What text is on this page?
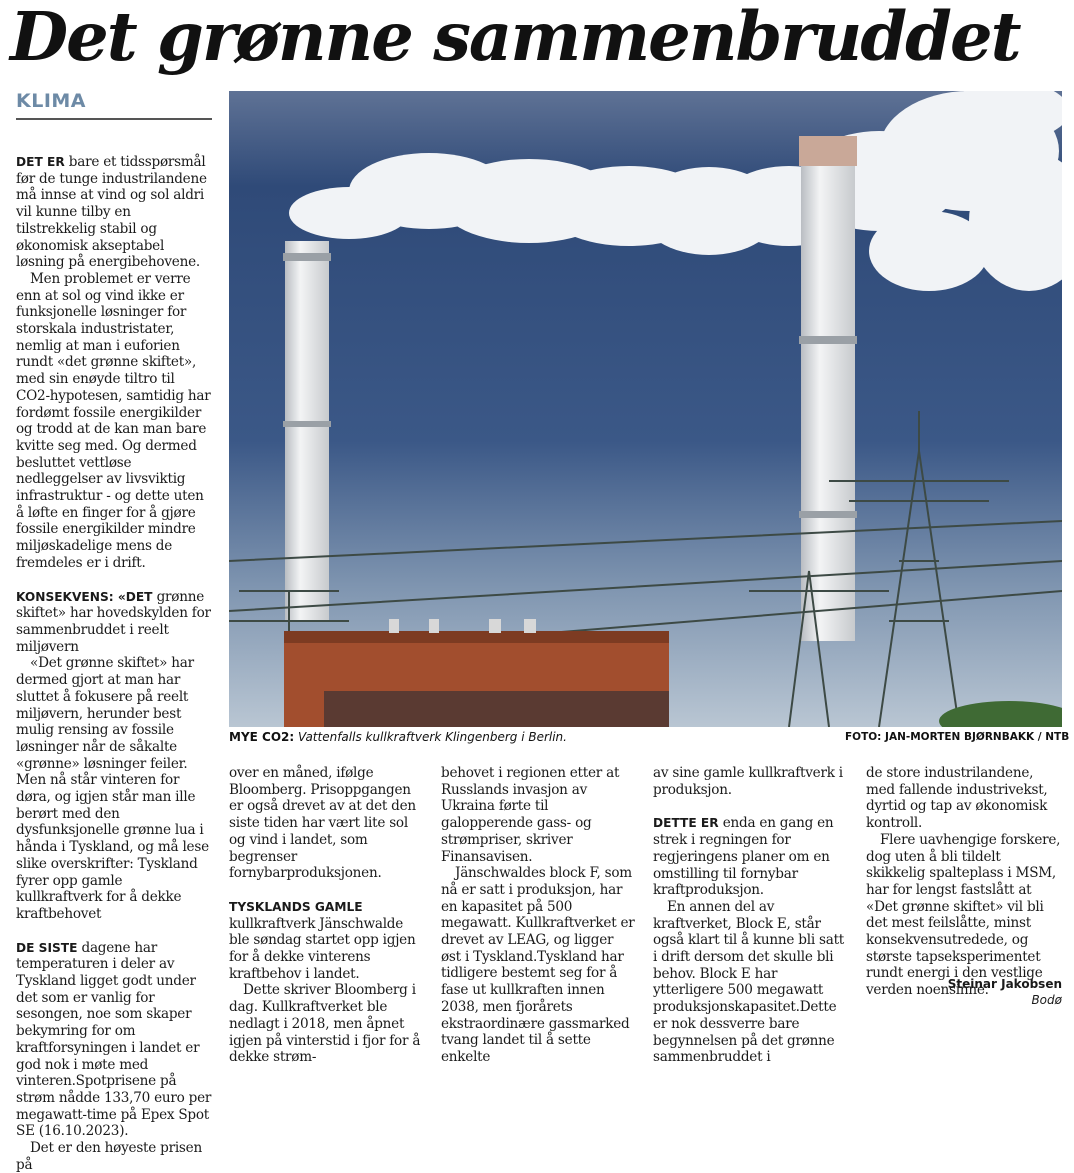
Det grønne sammenbruddet
KLIMA

DET ER bare et tidsspørsmål før de tunge industrilandene må innse at vind og sol aldri vil kunne tilby en tilstrekkelig stabil og økonomisk akseptabel løsning på energibehovene.

Men problemet er verre enn at sol og vind ikke er funksjonelle løsninger for storskala industristater, nemlig at man i euforien rundt «det grønne skiftet», med sin enøyde tiltro til CO2-hypotesen, samtidig har fordømt fossile energikilder og trodd at de kan man bare kvitte seg med. Og dermed besluttet vettløse nedleggelser av livsviktig infrastruktur - og dette uten å løfte en finger for å gjøre fossile energikilder mindre miljøskadelige mens de fremdeles er i drift.

KONSEKVENS: «DET grønne skiftet» har hovedskylden for sammenbruddet i reelt miljøvern

«Det grønne skiftet» har dermed gjort at man har sluttet å fokusere på reelt miljøvern, herunder best mulig rensing av fossile løsninger når de såkalte «grønne» løsninger feiler. Men nå står vinteren for døra, og igjen står man ille berørt med den dysfunksjonelle grønne lua i hånda i Tyskland, og må lese slike overskrifter: Tyskland fyrer opp gamle kullkraftverk for å dekke kraftbehovet

DE SISTE dagene har temperaturen i deler av Tyskland ligget godt under det som er vanlig for sesongen, noe som skaper bekymring for om kraftforsyningen i landet er god nok i møte med vinteren.Spotprisene på strøm nådde 133,70 euro per megawatt-time på Epex Spot SE (16.10.2023).

Det er den høyeste prisen på

MYE CO2: Vattenfalls kullkraftverk Klingenberg i Berlin.	FOTO: JAN-MORTEN BJØRNBAKK / NTB

over en måned, ifølge Bloomberg. Prisoppgangen er også drevet av at det den siste tiden har vært lite sol og vind i landet, som begrenser fornybarproduksjonen.

TYSKLANDS GAMLE kullkraftverk Jänschwalde ble søndag startet opp igjen for å dekke vinterens kraftbehov i landet.

Dette skriver Bloomberg i dag. Kullkraftverket ble nedlagt i 2018, men åpnet igjen på vinterstid i fjor for å dekke strøm-

behovet i regionen etter at Russlands invasjon av Ukraina førte til galopperende gass- og strømpriser, skriver Finansavisen.

Jänschwaldes block F, som nå er satt i produksjon, har en kapasitet på 500 megawatt. Kullkraftverket er drevet av LEAG, og ligger øst i Tyskland.Tyskland har tidligere bestemt seg for å fase ut kullkraften innen 2038, men fjorårets ekstraordinære gassmarked tvang landet til å sette enkelte

av sine gamle kullkraftverk i produksjon.

DETTE ER enda en gang en strek i regningen for regjeringens planer om en omstilling til fornybar kraftproduksjon.

En annen del av kraftverket, Block E, står også klart til å kunne bli satt i drift dersom det skulle bli behov. Block E har ytterligere 500 megawatt produksjonskapasitet.Dette er nok dessverre bare begynnelsen på det grønne sammenbruddet i

de store industrilandene, med fallende industrivekst, dyrtid og tap av økonomisk kontroll.

Flere uavhengige forskere, dog uten å bli tildelt skikkelig spalteplass i MSM, har for lengst fastslått at «Det grønne skiftet» vil bli det mest feilslåtte, minst konsekvensutredede, og største tapseksperimentet rundt energi i den vestlige verden noensinne.

Steinar Jakobsen
Bodø
